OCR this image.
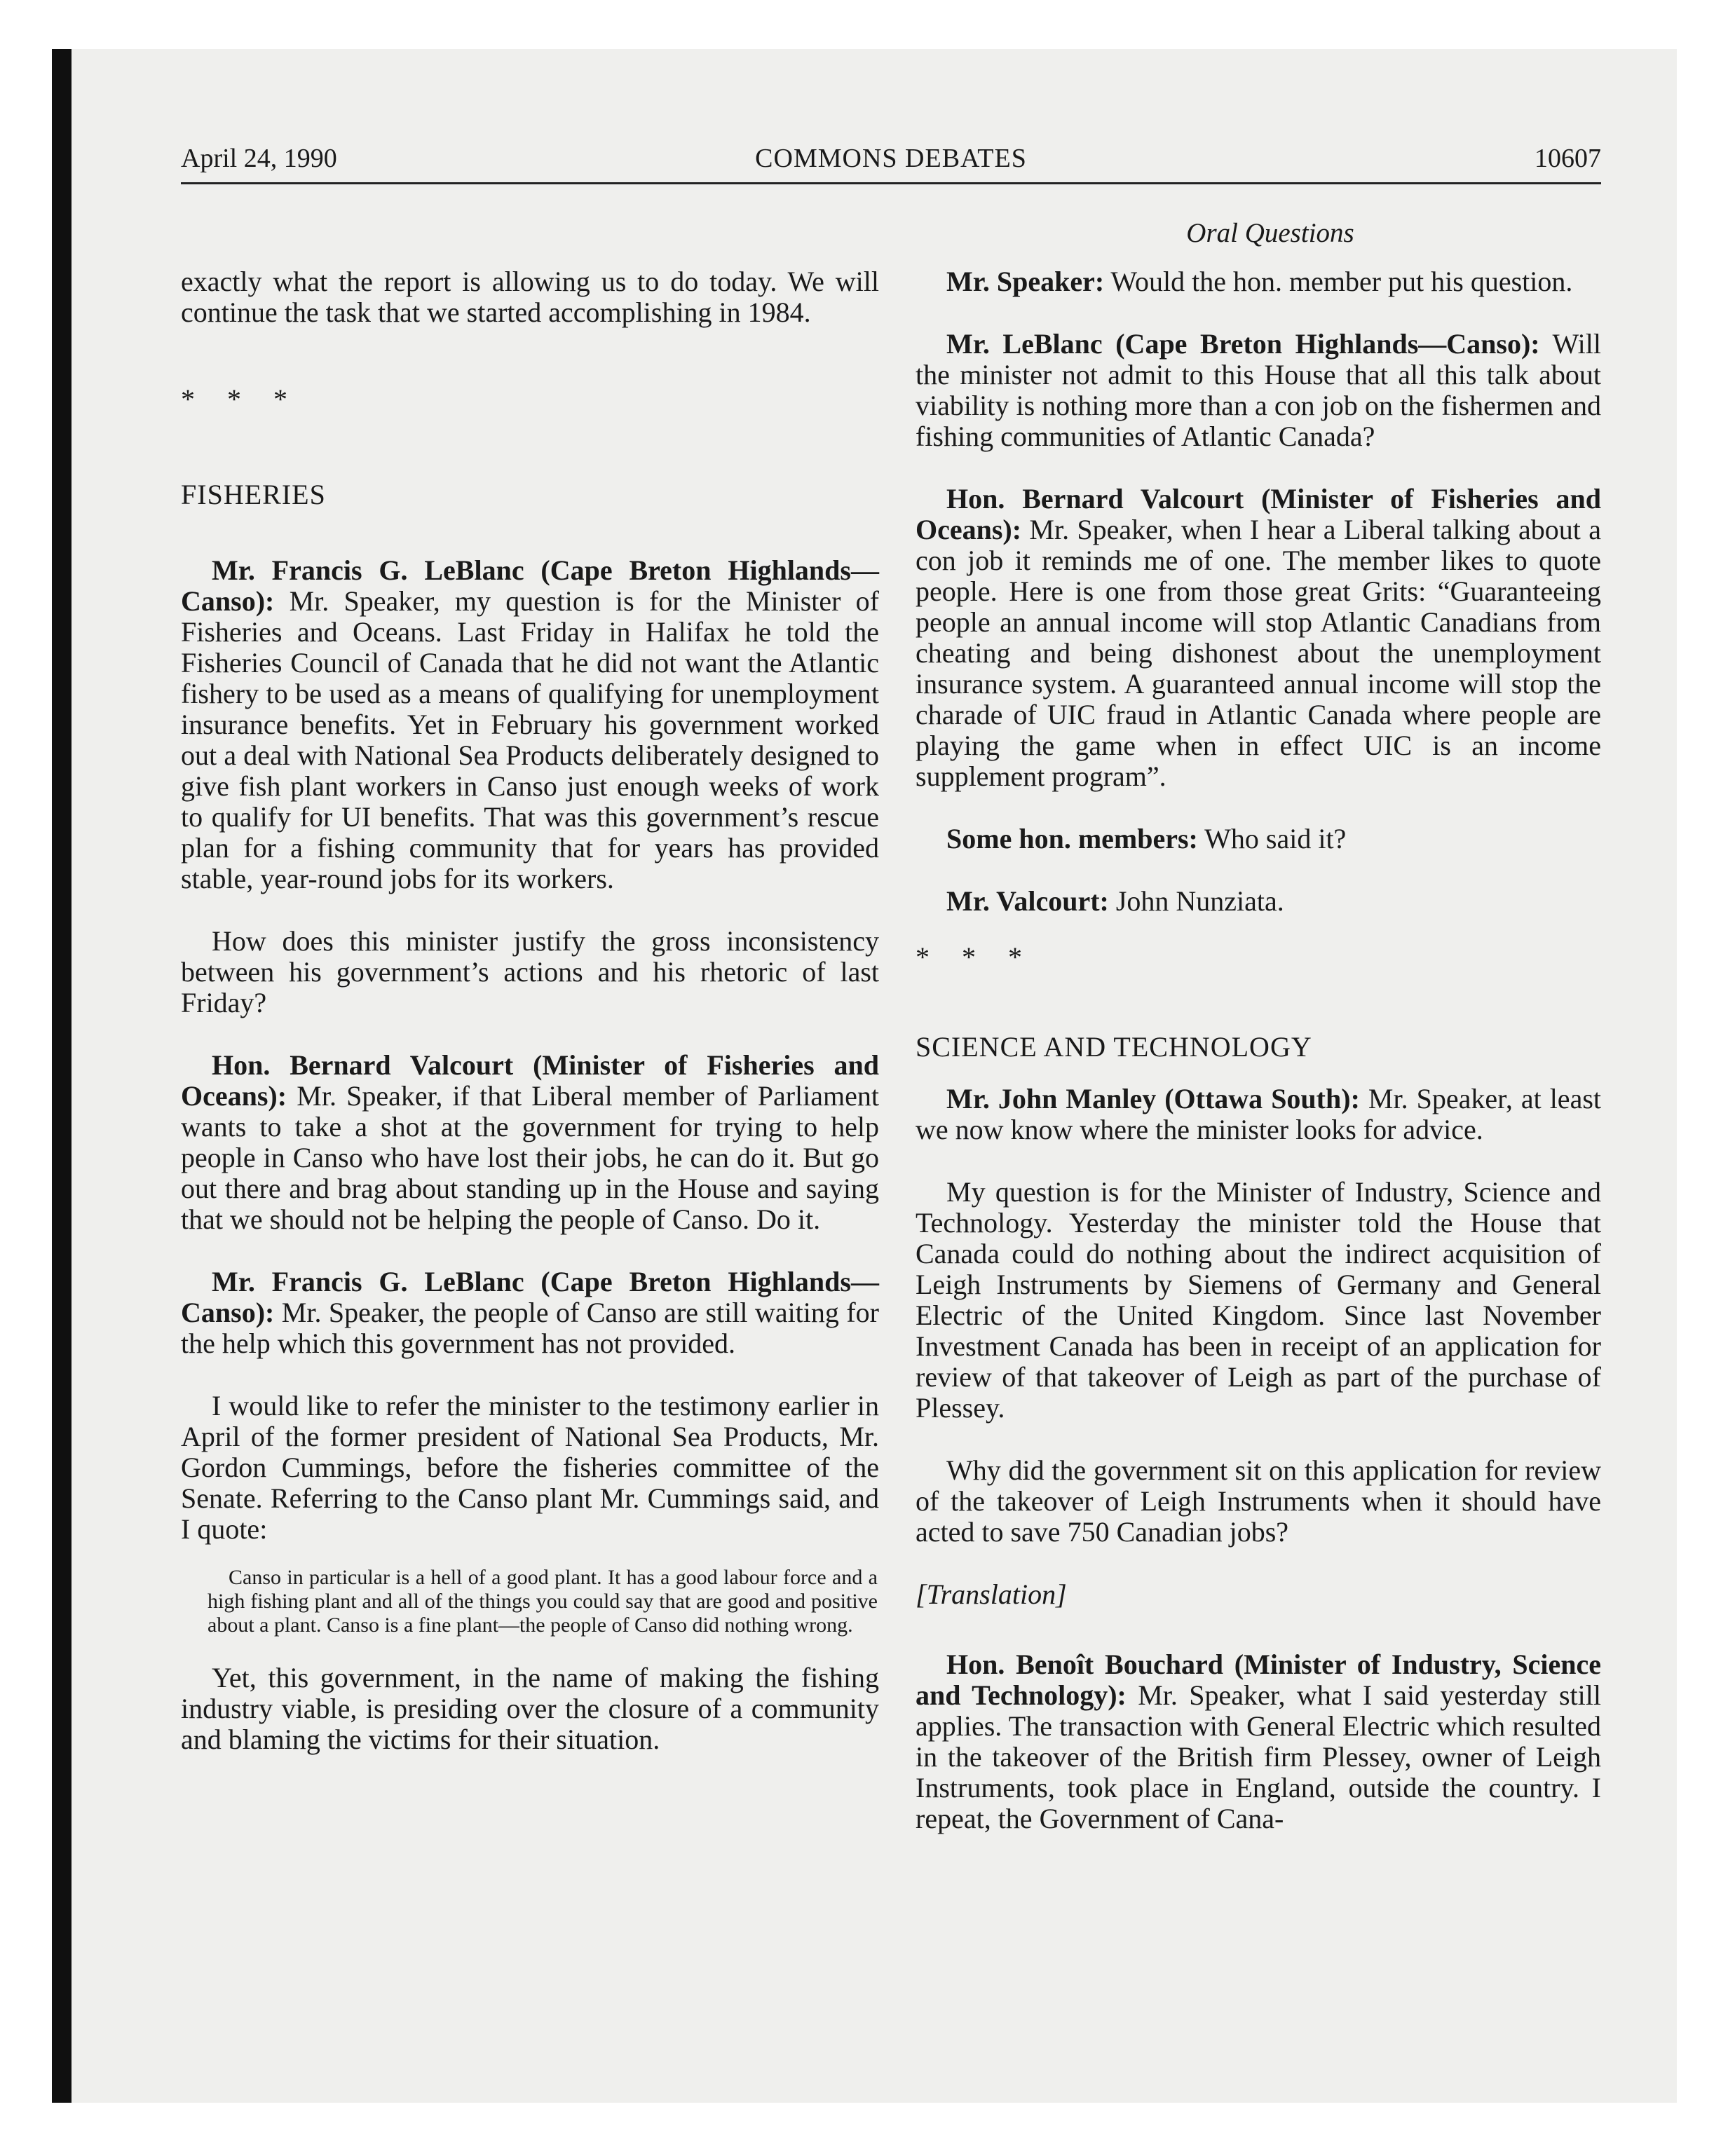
April 24, 1990	COMMONS DEBATES	10607
Oral Questions

exactly what the report is allowing us to do today. We will continue the task that we started accomplishing in 1984.

* * *

FISHERIES

Mr. Francis G. LeBlanc (Cape Breton Highlands—Canso): Mr. Speaker, my question is for the Minister of Fisheries and Oceans. Last Friday in Halifax he told the Fisheries Council of Canada that he did not want the Atlantic fishery to be used as a means of qualifying for unemployment insurance benefits. Yet in February his government worked out a deal with National Sea Products deliberately designed to give fish plant workers in Canso just enough weeks of work to qualify for UI benefits. That was this government’s rescue plan for a fishing community that for years has provided stable, year-round jobs for its workers.

How does this minister justify the gross inconsistency between his government’s actions and his rhetoric of last Friday?

Hon. Bernard Valcourt (Minister of Fisheries and Oceans): Mr. Speaker, if that Liberal member of Parliament wants to take a shot at the government for trying to help people in Canso who have lost their jobs, he can do it. But go out there and brag about standing up in the House and saying that we should not be helping the people of Canso. Do it.

Mr. Francis G. LeBlanc (Cape Breton Highlands—Canso): Mr. Speaker, the people of Canso are still waiting for the help which this government has not provided.

I would like to refer the minister to the testimony earlier in April of the former president of National Sea Products, Mr. Gordon Cummings, before the fisheries committee of the Senate. Referring to the Canso plant Mr. Cummings said, and I quote:

Canso in particular is a hell of a good plant. It has a good labour force and a high fishing plant and all of the things you could say that are good and positive about a plant. Canso is a fine plant—the people of Canso did nothing wrong.

Yet, this government, in the name of making the fishing industry viable, is presiding over the closure of a community and blaming the victims for their situation.

Mr. Speaker: Would the hon. member put his question.

Mr. LeBlanc (Cape Breton Highlands—Canso): Will the minister not admit to this House that all this talk about viability is nothing more than a con job on the fishermen and fishing communities of Atlantic Canada?

Hon. Bernard Valcourt (Minister of Fisheries and Oceans): Mr. Speaker, when I hear a Liberal talking about a con job it reminds me of one. The member likes to quote people. Here is one from those great Grits: “Guaranteeing people an annual income will stop Atlantic Canadians from cheating and being dishonest about the unemployment insurance system. A guaranteed annual income will stop the charade of UIC fraud in Atlantic Canada where people are playing the game when in effect UIC is an income supplement program”.

Some hon. members: Who said it?

Mr. Valcourt: John Nunziata.

* * *

SCIENCE AND TECHNOLOGY

Mr. John Manley (Ottawa South): Mr. Speaker, at least we now know where the minister looks for advice.

My question is for the Minister of Industry, Science and Technology. Yesterday the minister told the House that Canada could do nothing about the indirect acquisition of Leigh Instruments by Siemens of Germany and General Electric of the United Kingdom. Since last November Investment Canada has been in receipt of an application for review of that takeover of Leigh as part of the purchase of Plessey.

Why did the government sit on this application for review of the takeover of Leigh Instruments when it should have acted to save 750 Canadian jobs?

[Translation]

Hon. Benoît Bouchard (Minister of Industry, Science and Technology): Mr. Speaker, what I said yesterday still applies. The transaction with General Electric which resulted in the takeover of the British firm Plessey, owner of Leigh Instruments, took place in England, outside the country. I repeat, the Government of Cana-
